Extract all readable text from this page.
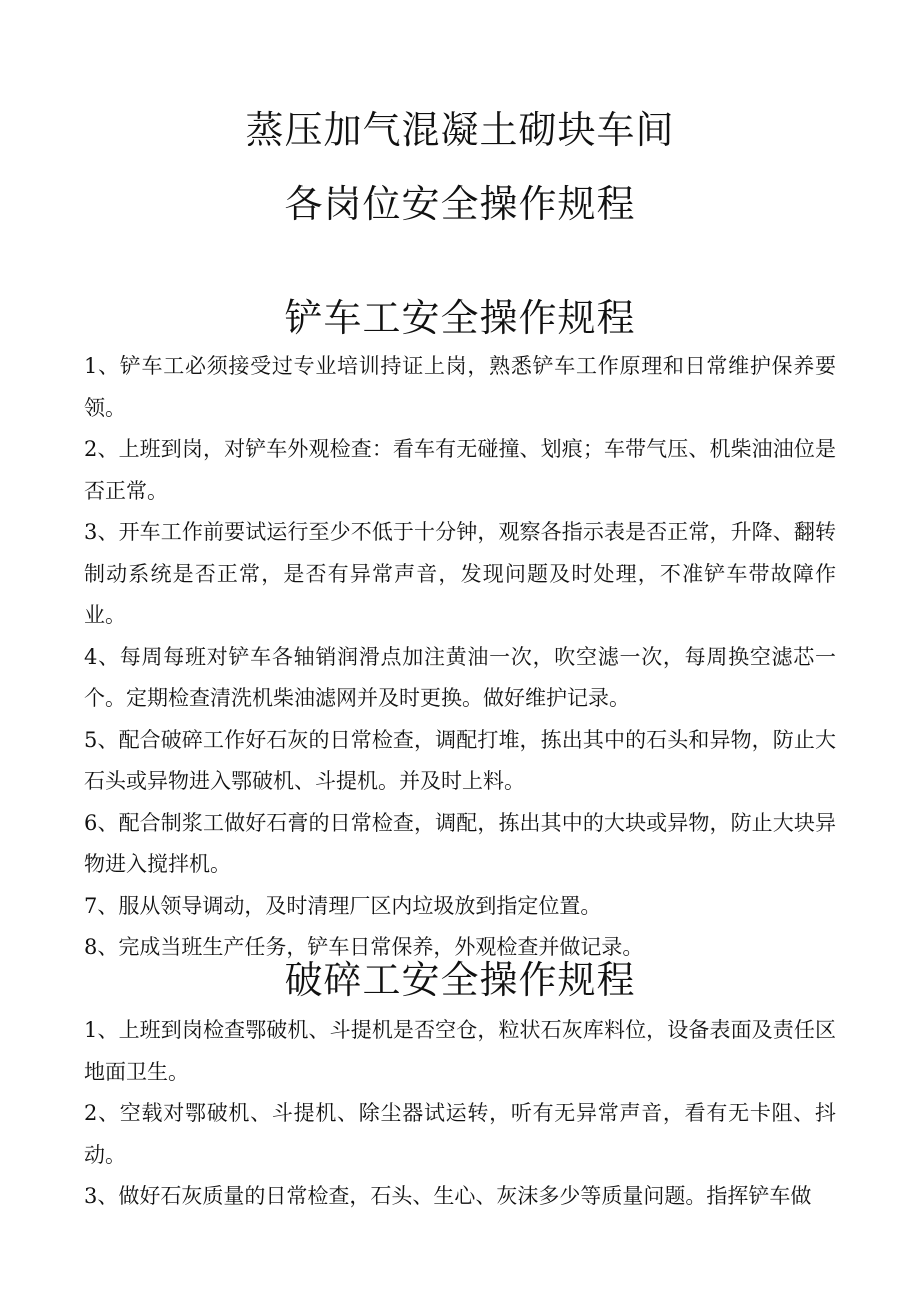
蒸压加气混凝土砌块车间
各岗位安全操作规程
铲车工安全操作规程
1、铲车工必须接受过专业培训持证上岗，熟悉铲车工作原理和日常维护保养要领。
2、上班到岗，对铲车外观检查：看车有无碰撞、划痕；车带气压、机柴油油位是否正常。
3、开车工作前要试运行至少不低于十分钟，观察各指示表是否正常，升降、翻转制动系统是否正常，是否有异常声音，发现问题及时处理，不准铲车带故障作业。
4、每周每班对铲车各轴销润滑点加注黄油一次，吹空滤一次，每周换空滤芯一个。定期检查清洗机柴油滤网并及时更换。做好维护记录。
5、配合破碎工作好石灰的日常检查，调配打堆，拣出其中的石头和异物，防止大石头或异物进入鄂破机、斗提机。并及时上料。
6、配合制浆工做好石膏的日常检查，调配，拣出其中的大块或异物，防止大块异物进入搅拌机。
7、服从领导调动，及时清理厂区内垃圾放到指定位置。
8、完成当班生产任务，铲车日常保养，外观检查并做记录。
破碎工安全操作规程
1、上班到岗检查鄂破机、斗提机是否空仓，粒状石灰库料位，设备表面及责任区地面卫生。
2、空载对鄂破机、斗提机、除尘器试运转，听有无异常声音，看有无卡阻、抖动。
3、做好石灰质量的日常检查，石头、生心、灰沫多少等质量问题。指挥铲车做
